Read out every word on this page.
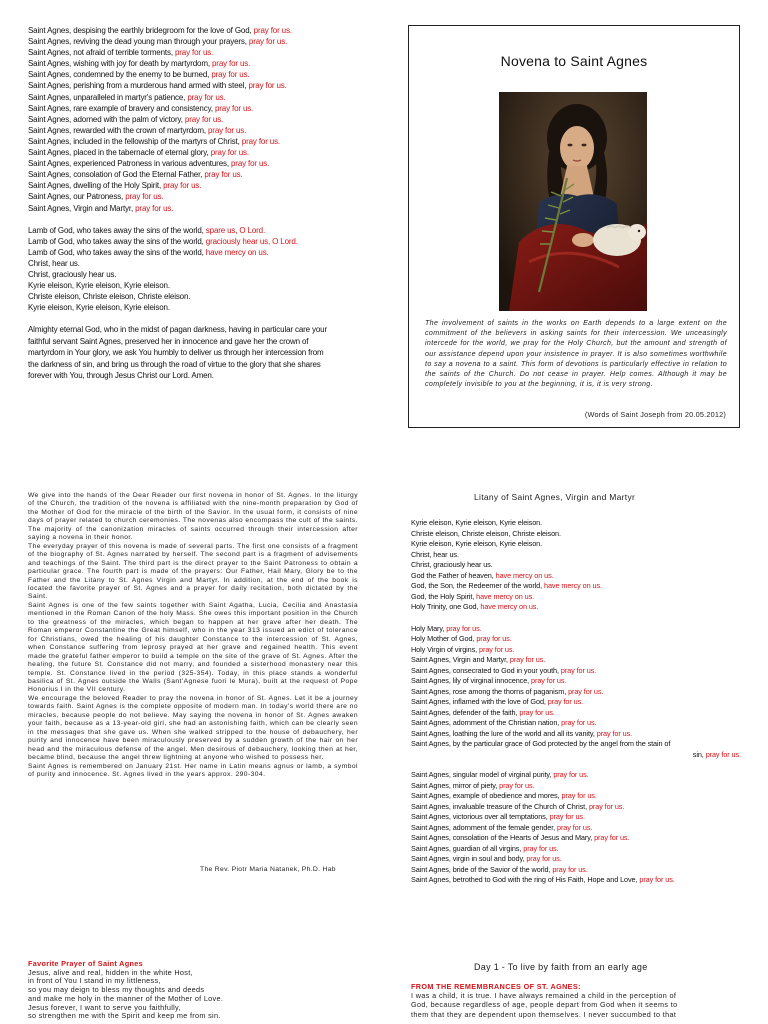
Saint Agnes, despising the earthly bridegroom for the love of God, pray for us.
Saint Agnes, reviving the dead young man through your prayers, pray for us.
Saint Agnes, not afraid of terrible torments, pray for us.
Saint Agnes, wishing with joy for death by martyrdom, pray for us.
Saint Agnes, condemned by the enemy to be burned, pray for us.
Saint Agnes, perishing from a murderous hand armed with steel, pray for us.
Saint Agnes, unparalleled in martyr's patience, pray for us.
Saint Agnes, rare example of bravery and consistency, pray for us.
Saint Agnes, adorned with the palm of victory, pray for us.
Saint Agnes, rewarded with the crown of martyrdom, pray for us.
Saint Agnes, included in the fellowship of the martyrs of Christ, pray for us.
Saint Agnes, placed in the tabernacle of eternal glory, pray for us.
Saint Agnes, experienced Patroness in various adventures, pray for us.
Saint Agnes, consolation of God the Eternal Father, pray for us.
Saint Agnes, dwelling of the Holy Spirit, pray for us.
Saint Agnes, our Patroness, pray for us.
Saint Agnes, Virgin and Martyr, pray for us.
Lamb of God, who takes away the sins of the world, spare us, O Lord.
Lamb of God, who takes away the sins of the world, graciously hear us, O Lord.
Lamb of God, who takes away the sins of the world, have mercy on us.
Christ, hear us.
Christ, graciously hear us.
Kyrie eleison, Kyrie eleison, Kyrie eleison.
Christe eleison, Christe eleison, Christe eleison.
Kyrie eleison, Kyrie eleison, Kyrie eleison.
Almighty eternal God, who in the midst of pagan darkness, having in particular care your
faithful servant Saint Agnes, preserved her in innocence and gave her the crown of
martyrdom in Your glory, we ask You humbly to deliver us through her intercession from
the darkness of sin, and bring us through the road of virtue to the glory that she shares
forever with You, through Jesus Christ our Lord. Amen.
Novena to Saint Agnes
The involvement of saints in the works on Earth depends to a large extent on the commitment of the believers in asking saints for their intercession. We unceasingly intercede for the world, we pray for the Holy Church, but the amount and strength of our assistance depend upon your insistence in prayer. It is also sometimes worthwhile to say a novena to a saint. This form of devotions is particularly effective in relation to the saints of the Church. Do not cease in prayer. Help comes. Although it may be completely invisible to you at the beginning, it is, it is very strong.
(Words of Saint Joseph from 20.05.2012)

We give into the hands of the Dear Reader our first novena in honor of St. Agnes. In the liturgy of the Church, the tradition of the novena is affiliated with the nine-month preparation by God of the Mother of God for the miracle of the birth of the Savior. In the usual form, it consists of nine days of prayer related to church ceremonies. The novenas also encompass the cult of the saints. The majority of the canonization miracles of saints occurred through their intercession after saying a novena in their honor.

The everyday prayer of this novena is made of several parts. The first one consists of a fragment of the biography of St. Agnes narrated by herself. The second part is a fragment of advisements and teachings of the Saint. The third part is the direct prayer to the Saint Patroness to obtain a particular grace. The fourth part is made of the prayers: Our Father, Hail Mary, Glory be to the Father and the Litany to St. Agnes Virgin and Martyr. In addition, at the end of the book is located the favorite prayer of St. Agnes and a prayer for daily recitation, both dictated by the Saint.

Saint Agnes is one of the few saints together with Saint Agatha, Lucia, Cecilia and Anastasia mentioned in the Roman Canon of the holy Mass. She owes this important position in the Church to the greatness of the miracles, which began to happen at her grave after her death. The Roman emperor Constantine the Great himself, who in the year 313 issued an edict of tolerance for Christians, owed the healing of his daughter Constance to the intercession of St. Agnes, when Constance suffering from leprosy prayed at her grave and regained health. This event made the grateful father emperor to build a temple on the site of the grave of St. Agnes. After the healing, the future St. Constance did not marry, and founded a sisterhood monastery near this temple. St. Constance lived in the period (325-354). Today, in this place stands a wonderful basilica of St. Agnes outside the Walls (Sant'Agnese fuori le Mura), built at the request of Pope Honorius I in the VII century.

We encourage the beloved Reader to pray the novena in honor of St. Agnes. Let it be a journey towards faith. Saint Agnes is the complete opposite of modern man. In today's world there are no miracles, because people do not believe. May saying the novena in honor of St. Agnes awaken your faith, because as a 13-year-old girl, she had an astonishing faith, which can be clearly seen in the messages that she gave us. When she walked stripped to the house of debauchery, her purity and innocence have been miraculously preserved by a sudden growth of the hair on her head and the miraculous defense of the angel. Men desirous of debauchery, looking then at her, became blind, because the angel threw lightning at anyone who wished to possess her.

Saint Agnes is remembered on January 21st. Her name in Latin means agnus or lamb, a symbol of purity and innocence. St. Agnes lived in the years approx. 290-304.

The Rev. Piotr Maria Natanek, Ph.D. Hab
Litany of Saint Agnes, Virgin and Martyr
Kyrie eleison, Kyrie eleison, Kyrie eleison.
Christe eleison, Christe eleison, Christe eleison.
Kyrie eleison, Kyrie eleison, Kyrie eleison.
Christ, hear us.
Christ, graciously hear us.
God the Father of heaven, have mercy on us.
God, the Son, the Redeemer of the world, have mercy on us.
God, the Holy Spirit, have mercy on us.
Holy Trinity, one God, have mercy on us.
Holy Mary, pray for us.
Holy Mother of God, pray for us.
Holy Virgin of virgins, pray for us.
Saint Agnes, Virgin and Martyr, pray for us.
Saint Agnes, consecrated to God in your youth, pray for us.
Saint Agnes, lily of virginal innocence, pray for us.
Saint Agnes, rose among the thorns of paganism, pray for us.
Saint Agnes, inflamed with the love of God, pray for us.
Saint Agnes, defender of the faith, pray for us.
Saint Agnes, adornment of the Christian nation, pray for us.
Saint Agnes, loathing the lure of the world and all its vanity, pray for us.
Saint Agnes, by the particular grace of God protected by the angel from the stain of
sin, pray for us.
Saint Agnes, singular model of virginal purity, pray for us.
Saint Agnes, mirror of piety, pray for us.
Saint Agnes, example of obedience and mores, pray for us.
Saint Agnes, invaluable treasure of the Church of Christ, pray for us.
Saint Agnes, victorious over all temptations, pray for us.
Saint Agnes, adornment of the female gender, pray for us.
Saint Agnes, consolation of the Hearts of Jesus and Mary, pray for us.
Saint Agnes, guardian of all virgins, pray for us.
Saint Agnes, virgin in soul and body, pray for us.
Saint Agnes, bride of the Savior of the world, pray for us.
Saint Agnes, betrothed to God with the ring of His Faith, Hope and Love, pray for us.
Favorite Prayer of Saint Agnes
Jesus, alive and real, hidden in the white Host,
in front of You I stand in my littleness,
so you may deign to bless my thoughts and deeds
and make me holy in the manner of the Mother of Love.
Jesus forever, I want to serve you faithfully,
so strengthen me with the Spirit and keep me from sin.
Day 1 - To live by faith from an early age
FROM THE REMEMBRANCES OF ST. AGNES:
I was a child, it is true. I have always remained a child in the perception of
God, because regardless of age, people depart from God when it seems to
them that they are dependent upon themselves. I never succumbed to that
